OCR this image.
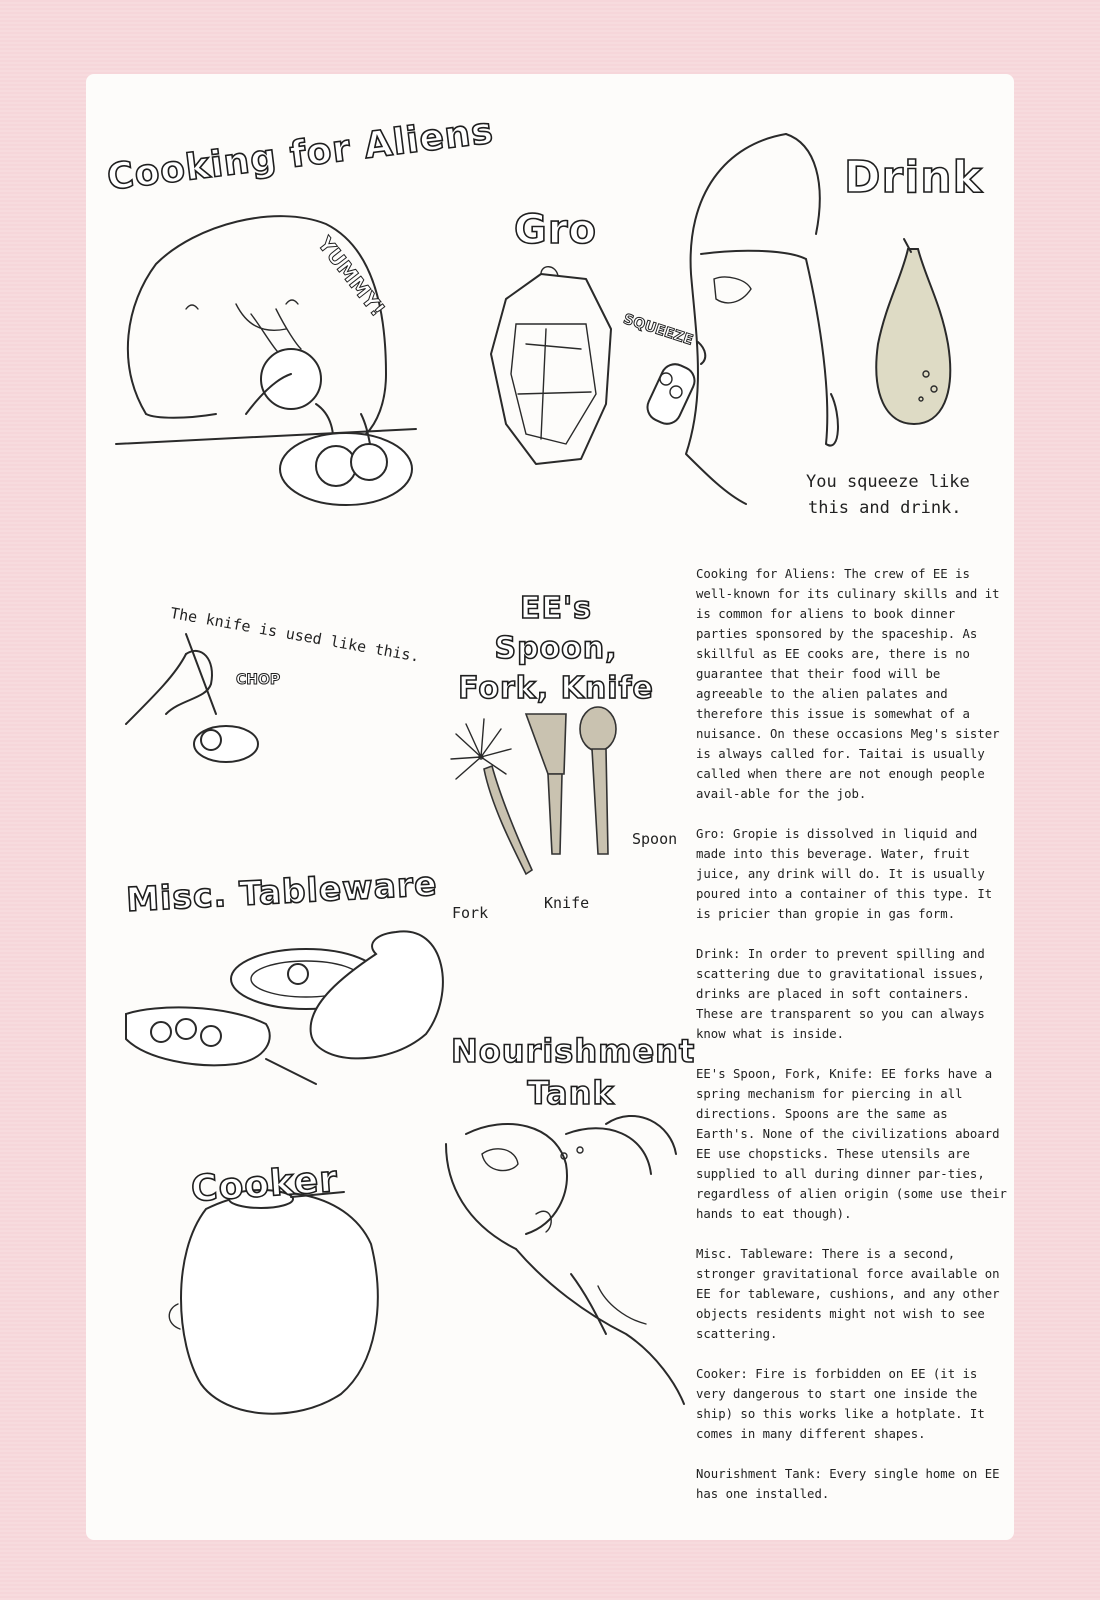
Cooking for Aliens
Gro
Drink
EE's Spoon, Fork, Knife
Misc. Tableware
Nourishment Tank
Cooker
YUMMY!
SQUEEZE
CHOP
You squeeze like
this and drink.
The knife is used like this.
Spoon
Fork
Knife

Cooking for Aliens: The crew of EE is well-known for its culinary skills and it is common for aliens to book dinner parties sponsored by the spaceship. As skillful as EE cooks are, there is no guarantee that their food will be agreeable to the alien palates and therefore this issue is somewhat of a nuisance. On these occasions Meg's sister is always called for. Taitai is usually called when there are not enough people avail-able for the job.

Gro: Gropie is dissolved in liquid and made into this beverage. Water, fruit juice, any drink will do. It is usually poured into a container of this type. It is pricier than gropie in gas form.

Drink: In order to prevent spilling and scattering due to gravitational issues, drinks are placed in soft containers. These are transparent so you can always know what is inside.

EE's Spoon, Fork, Knife: EE forks have a spring mechanism for piercing in all directions. Spoons are the same as Earth's. None of the civilizations aboard EE use chopsticks. These utensils are supplied to all during dinner par-ties, regardless of alien origin (some use their hands to eat though).

Misc. Tableware: There is a second, stronger gravitational force available on EE for tableware, cushions, and any other objects residents might not wish to see scattering.

Cooker: Fire is forbidden on EE (it is very dangerous to start one inside the ship) so this works like a hotplate. It comes in many different shapes.

Nourishment Tank: Every single home on EE has one installed.
